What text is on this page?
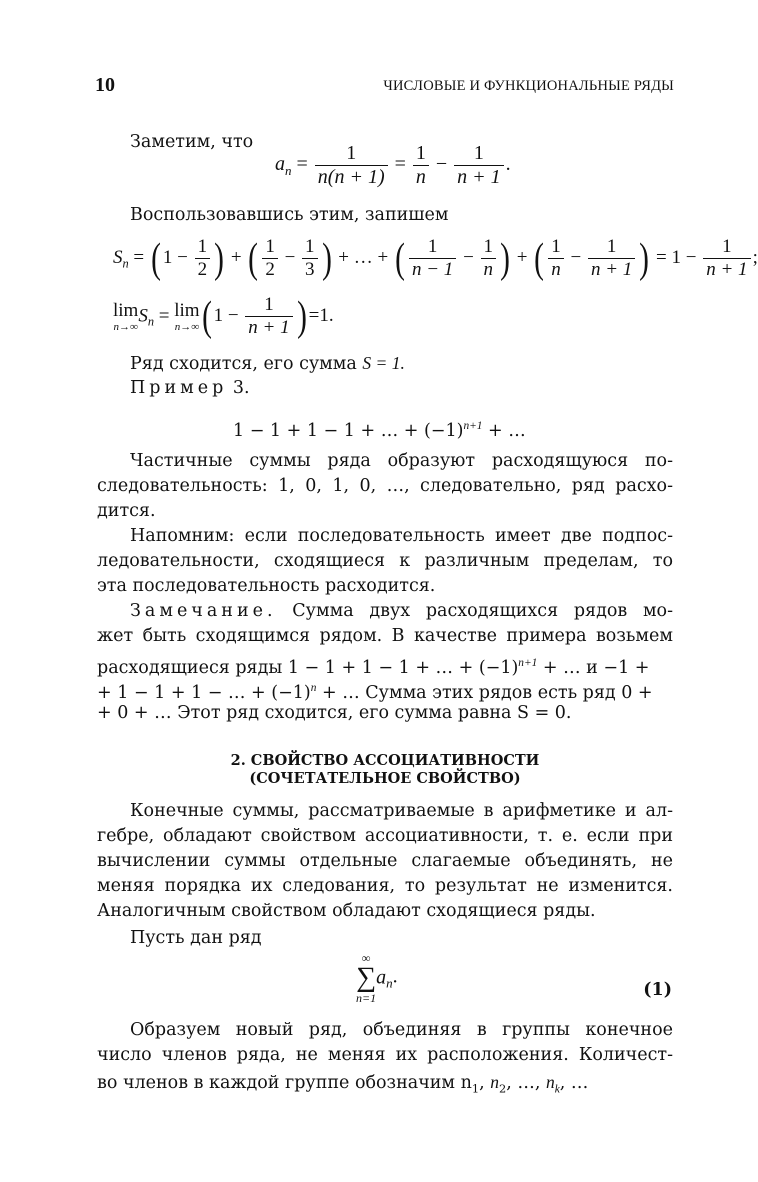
10	ЧИСЛОВЫЕ И ФУНКЦИОНАЛЬНЫЕ РЯДЫ
Заметим, что
$a_n = \frac{1}{n(n + 1)} = \frac{1}{n} - \frac{1}{n + 1}$ .
Воспользовавшись этим, запишем
$S_n$ = ( $1 - \frac{1}{2}$ ) + ( $\frac{1}{2} - \frac{1}{3}$ ) + … + ( $\frac{1}{n - 1} - \frac{1}{n}$ ) + ( $\frac{1}{n} - \frac{1}{n + 1}$ ) = $1 - \frac{1}{n + 1}$ ;
lim
n→∞
$S_n = \lim$
n→∞ ( $1 - \frac{1}{n + 1}$ ) =1.
Ряд сходится, его сумма S = 1.
Пример 3.
1 − 1 + 1 − 1 + … + $(-1)^{n+1}$ + …
Частичные суммы ряда образуют расходящуюся по-
следовательность: 1, 0, 1, 0, …, следовательно, ряд расхо-
дится.
Напомним: если последовательность имеет две подпос-
ледовательности, сходящиеся к различным пределам, то
эта последовательность расходится.
Замечание. Сумма двух расходящихся рядов мо-
жет быть сходящимся рядом. В качестве примера возьмем
расходящиеся ряды 1 − 1 + 1 − 1 + … + $(-1)^{n+1}$ + … и −1 +
+ 1 − 1 + 1 − … + $(-1)^n$ + … Сумма этих рядов есть ряд 0 +
+ 0 + … Этот ряд сходится, его сумма равна S = 0.
2. СВОЙСТВО АССОЦИАТИВНОСТИ
(СОЧЕТАТЕЛЬНОЕ СВОЙСТВО)
Конечные суммы, рассматриваемые в арифметике и ал-
гебре, обладают свойством ассоциативности, т. е. если при
вычислении суммы отдельные слагаемые объединять, не
меняя порядка их следования, то результат не изменится.
Аналогичным свойством обладают сходящиеся ряды.
Пусть дан ряд
∞
∑
n=1
$a_n$.
(1)
Образуем новый ряд, объединяя в группы конечное
число членов ряда, не меняя их расположения. Количест-
во членов в каждой группе обозначим $n_1$, $n_2$, …, $n_k$, …
